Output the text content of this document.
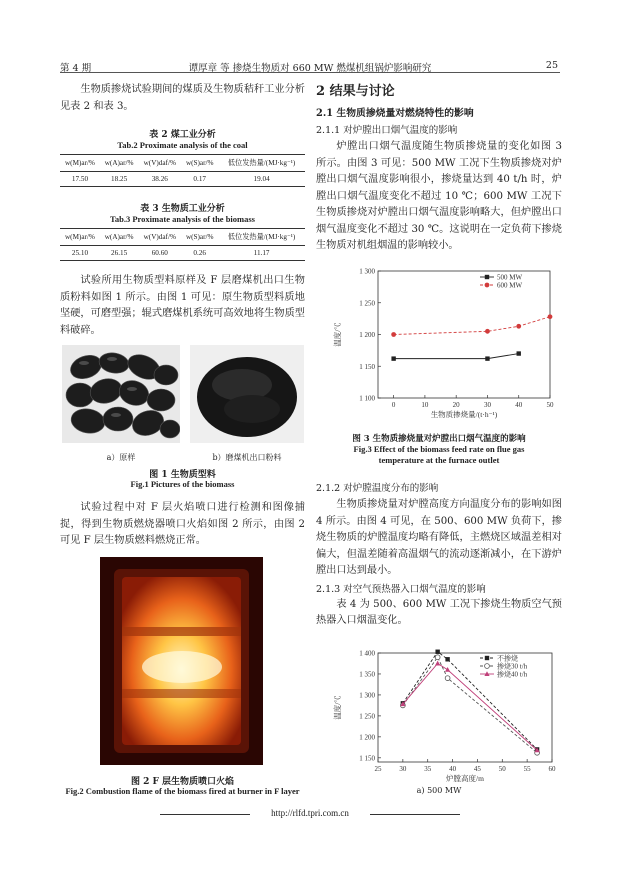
第 4 期	谭厚章 等 掺烧生物质对 660 MW 燃煤机组锅炉影响研究	25

生物质掺烧试验期间的煤质及生物质秸秆工业分析见表 2 和表 3。

表 2 煤工业分析
Tab.2 Proximate analysis of the coal
w(M)ar/%	w(A)ar/%	w(V)daf/%	w(S)ar/%	低位发热量/(MJ·kg⁻¹)
17.50	18.25	38.26	0.17	19.04
表 3 生物质工业分析
Tab.3 Proximate analysis of the biomass
w(M)ar/%	w(A)ar/%	w(V)daf/%	w(S)ar/%	低位发热量/(MJ·kg⁻¹)
25.10	26.15	60.60	0.26	11.17

试验所用生物质型料原样及 F 层磨煤机出口生物质粉料如图 1 所示。由图 1 可见：原生物质型料质地坚硬，可磨型强；辊式磨煤机系统可高效地将生物质型料破碎。

a）原样	b）磨煤机出口粉料
图 1 生物质型料
Fig.1 Pictures of the biomass

试验过程中对 F 层火焰喷口进行检测和图像捕捉，得到生物质燃烧器喷口火焰如图 2 所示，由图 2 可见 F 层生物质燃料燃烧正常。

图 2 F 层生物质喷口火焰
Fig.2 Combustion flame of the biomass fired at burner in F layer
2 结果与讨论
2.1 生物质掺烧量对燃烧特性的影响
2.1.1 对炉膛出口烟气温度的影响

炉膛出口烟气温度随生物质掺烧量的变化如图 3 所示。由图 3 可见：500 MW 工况下生物质掺烧对炉膛出口烟气温度影响很小，掺烧量达到 40 t/h 时，炉膛出口烟气温度变化不超过 10 ℃；600 MW 工况下生物质掺烧对炉膛出口烟气温度影响略大，但炉膛出口烟气温度变化不超过 30 ℃。这说明在一定负荷下掺烧生物质对机组烟温的影响较小。

0	10	20	30	40	50
1 100
1 150
1 200
1 250
1 300
生物质掺烧量/(t·h⁻¹)
温度/℃
500 MW
600 MW
图 3 生物质掺烧量对炉膛出口烟气温度的影响
Fig.3 Effect of the biomass feed rate on flue gas
temperature at the furnace outlet
2.1.2 对炉膛温度分布的影响

生物质掺烧量对炉膛高度方向温度分布的影响如图 4 所示。由图 4 可见，在 500、600 MW 负荷下，掺烧生物质的炉膛温度均略有降低，主燃烧区域温差相对偏大，但温差随着高温烟气的流动逐渐减小，在下游炉膛出口达到最小。

2.1.3 对空气预热器入口烟气温度的影响

表 4 为 500、600 MW 工况下掺烧生物质空气预热器入口烟温变化。

25	30	35	40	45	50	55	60
1 150
1 200
1 250
1 300
1 350
1 400
炉膛高度/m
温度/℃
不掺烧
掺烧30 t/h
掺烧40 t/h
a) 500 MW
http://rlfd.tpri.com.cn
